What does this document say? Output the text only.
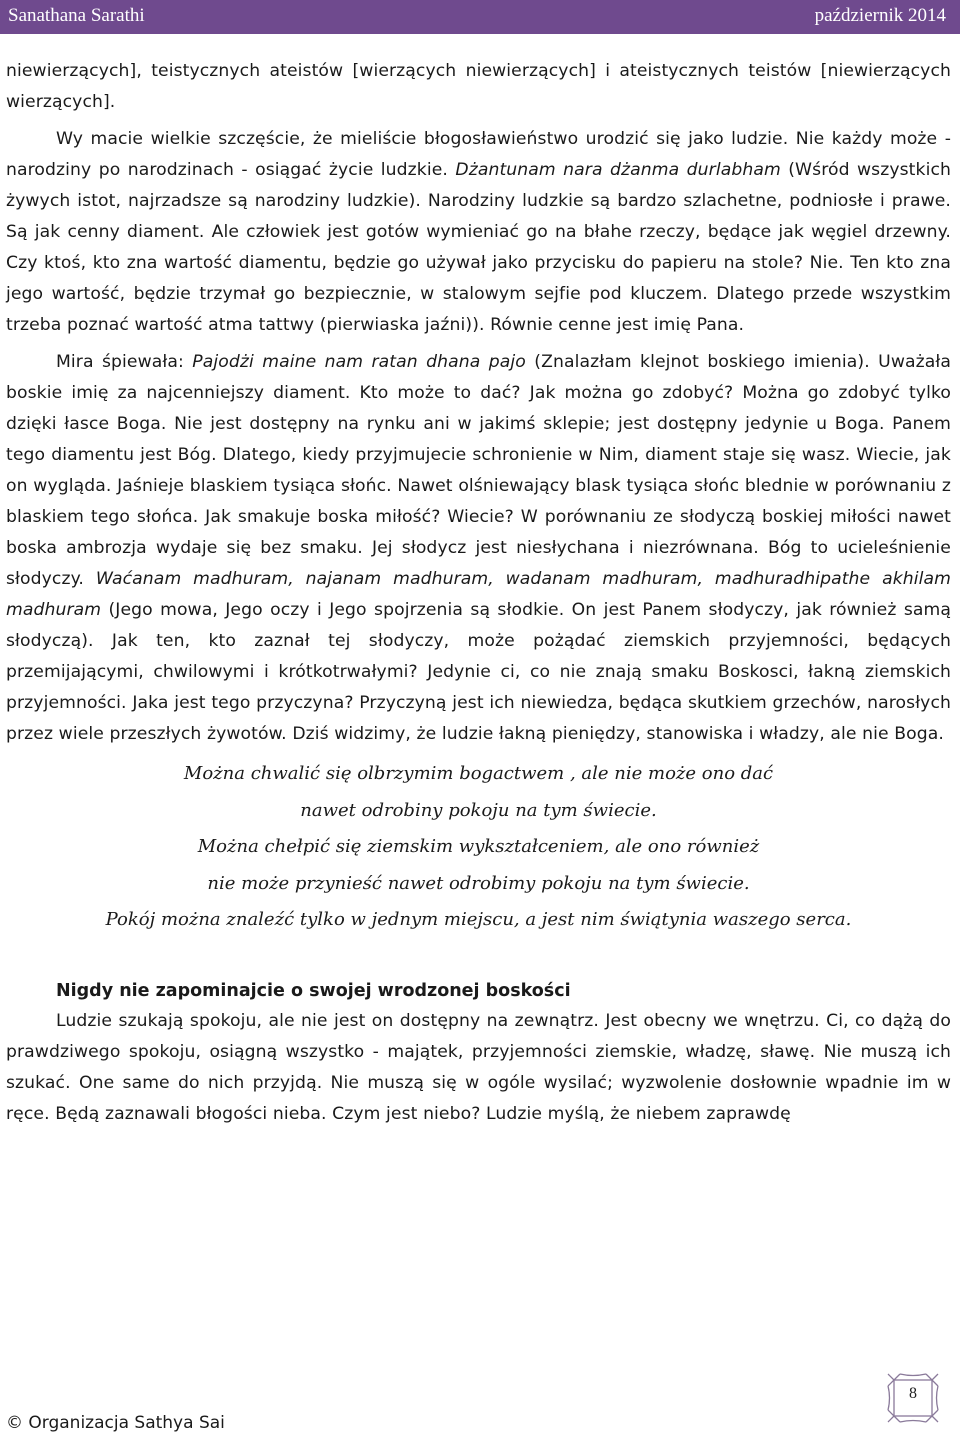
Sanathana Sarathi	październik 2014

niewierzących], teistycznych ateistów [wierzących niewierzących] i ateistycznych teistów [niewierzących wierzących].

Wy macie wielkie szczęście, że mieliście błogosławieństwo urodzić się jako ludzie. Nie każdy może - narodziny po narodzinach - osiągać życie ludzkie. Dżantunam nara dżanma durlabham (Wśród wszystkich żywych istot, najrzadsze są narodziny ludzkie). Narodziny ludzkie są bardzo szlachetne, podniosłe i prawe. Są jak cenny diament. Ale człowiek jest gotów wymieniać go na błahe rzeczy, będące jak węgiel drzewny. Czy ktoś, kto zna wartość diamentu, będzie go używał jako przycisku do papieru na stole? Nie. Ten kto zna jego wartość, będzie trzymał go bezpiecznie, w stalowym sejfie pod kluczem. Dlatego przede wszystkim trzeba poznać wartość atma tattwy (pierwiaska jaźni)). Równie cenne jest imię Pana.

Mira śpiewała: Pajodżi maine nam ratan dhana pajo (Znalazłam klejnot boskiego imienia). Uważała boskie imię za najcenniejszy diament. Kto może to dać? Jak można go zdobyć? Można go zdobyć tylko dzięki łasce Boga. Nie jest dostępny na rynku ani w jakimś sklepie; jest dostępny jedynie u Boga. Panem tego diamentu jest Bóg. Dlatego, kiedy przyjmujecie schronienie w Nim, diament staje się wasz. Wiecie, jak on wygląda. Jaśnieje blaskiem tysiąca słońc. Nawet olśniewający blask tysiąca słońc blednie w porównaniu z blaskiem tego słońca. Jak smakuje boska miłość? Wiecie? W porównaniu ze słodyczą boskiej miłości nawet boska ambrozja wydaje się bez smaku. Jej słodycz jest niesłychana i niezrównana. Bóg to ucieleśnienie słodyczy. Waćanam madhuram, najanam madhuram, wadanam madhuram, madhuradhipathe akhilam madhuram (Jego mowa, Jego oczy i Jego spojrzenia są słodkie. On jest Panem słodyczy, jak również samą słodyczą). Jak ten, kto zaznał tej słodyczy, może pożądać ziemskich przyjemności, będących przemijającymi, chwilowymi i krótkotrwałymi? Jedynie ci, co nie znają smaku Boskosci, łakną ziemskich przyjemności. Jaka jest tego przyczyna? Przyczyną jest ich niewiedza, będąca skutkiem grzechów, narosłych przez wiele przeszłych żywotów. Dziś widzimy, że ludzie łakną pieniędzy, stanowiska i władzy, ale nie Boga.

Można chwalić się olbrzymim bogactwem , ale nie może ono dać

nawet odrobiny pokoju na tym świecie.

Można chełpić się ziemskim wykształceniem, ale ono również

nie może przynieść nawet odrobimy pokoju na tym świecie.

Pokój można znaleźć tylko w jednym miejscu, a jest nim świątynia waszego serca.

Nigdy nie zapominajcie o swojej wrodzonej boskości

Ludzie szukają spokoju, ale nie jest on dostępny na zewnątrz. Jest obecny we wnętrzu. Ci, co dążą do prawdziwego spokoju, osiągną wszystko - majątek, przyjemności ziemskie, władzę, sławę. Nie muszą ich szukać. One same do nich przyjdą. Nie muszą się w ogóle wysilać; wyzwolenie dosłownie wpadnie im w ręce. Będą zaznawali błogości nieba. Czym jest niebo? Ludzie myślą, że niebem zaprawdę

© Organizacja Sathya Sai
8
